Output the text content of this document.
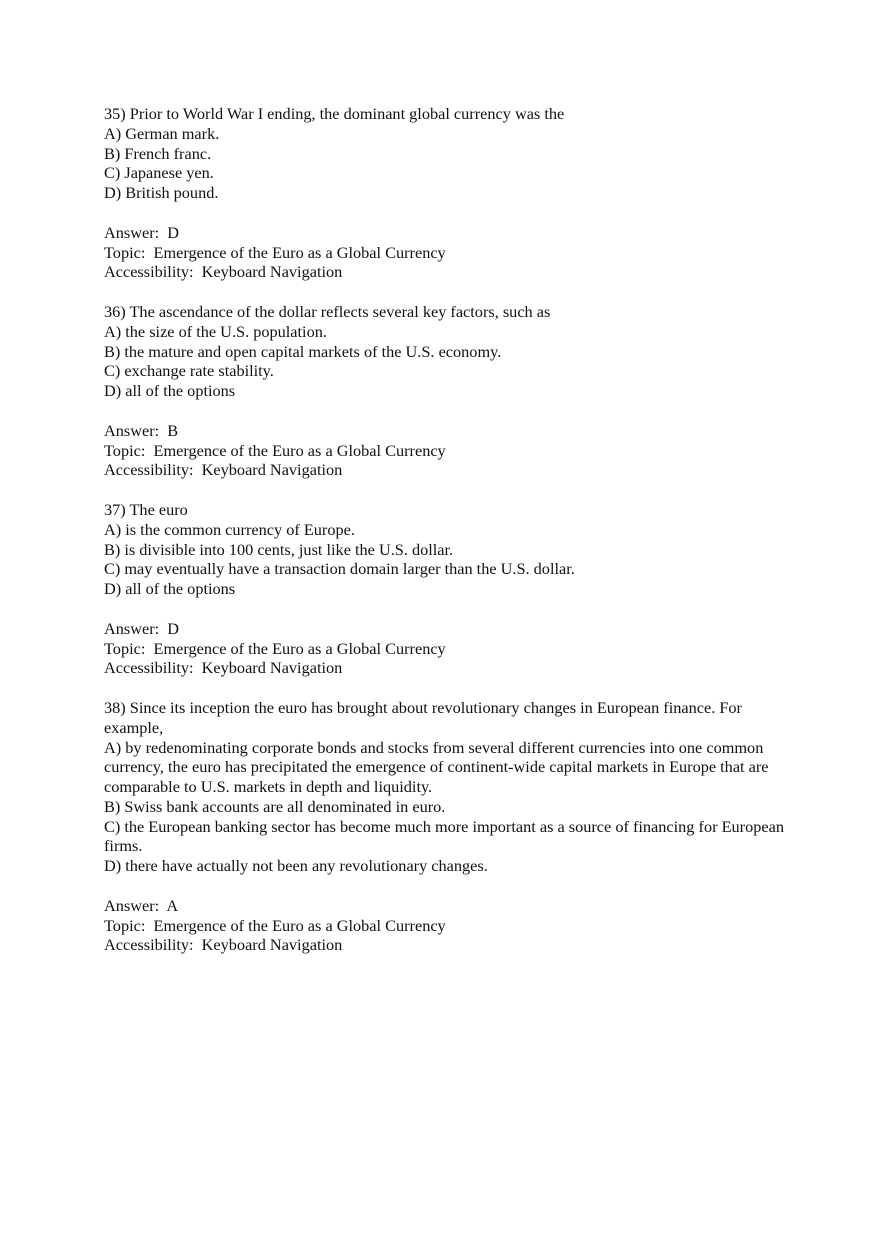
35) Prior to World War I ending, the dominant global currency was the
A) German mark.
B) French franc.
C) Japanese yen.
D) British pound.
Answer:  D
Topic:  Emergence of the Euro as a Global Currency
Accessibility:  Keyboard Navigation
36) The ascendance of the dollar reflects several key factors, such as
A) the size of the U.S. population.
B) the mature and open capital markets of the U.S. economy.
C) exchange rate stability.
D) all of the options
Answer:  B
Topic:  Emergence of the Euro as a Global Currency
Accessibility:  Keyboard Navigation
37) The euro
A) is the common currency of Europe.
B) is divisible into 100 cents, just like the U.S. dollar.
C) may eventually have a transaction domain larger than the U.S. dollar.
D) all of the options
Answer:  D
Topic:  Emergence of the Euro as a Global Currency
Accessibility:  Keyboard Navigation
38) Since its inception the euro has brought about revolutionary changes in European finance. For example,
A) by redenominating corporate bonds and stocks from several different currencies into one common currency, the euro has precipitated the emergence of continent-wide capital markets in Europe that are comparable to U.S. markets in depth and liquidity.
B) Swiss bank accounts are all denominated in euro.
C) the European banking sector has become much more important as a source of financing for European firms.
D) there have actually not been any revolutionary changes.
Answer:  A
Topic:  Emergence of the Euro as a Global Currency
Accessibility:  Keyboard Navigation
